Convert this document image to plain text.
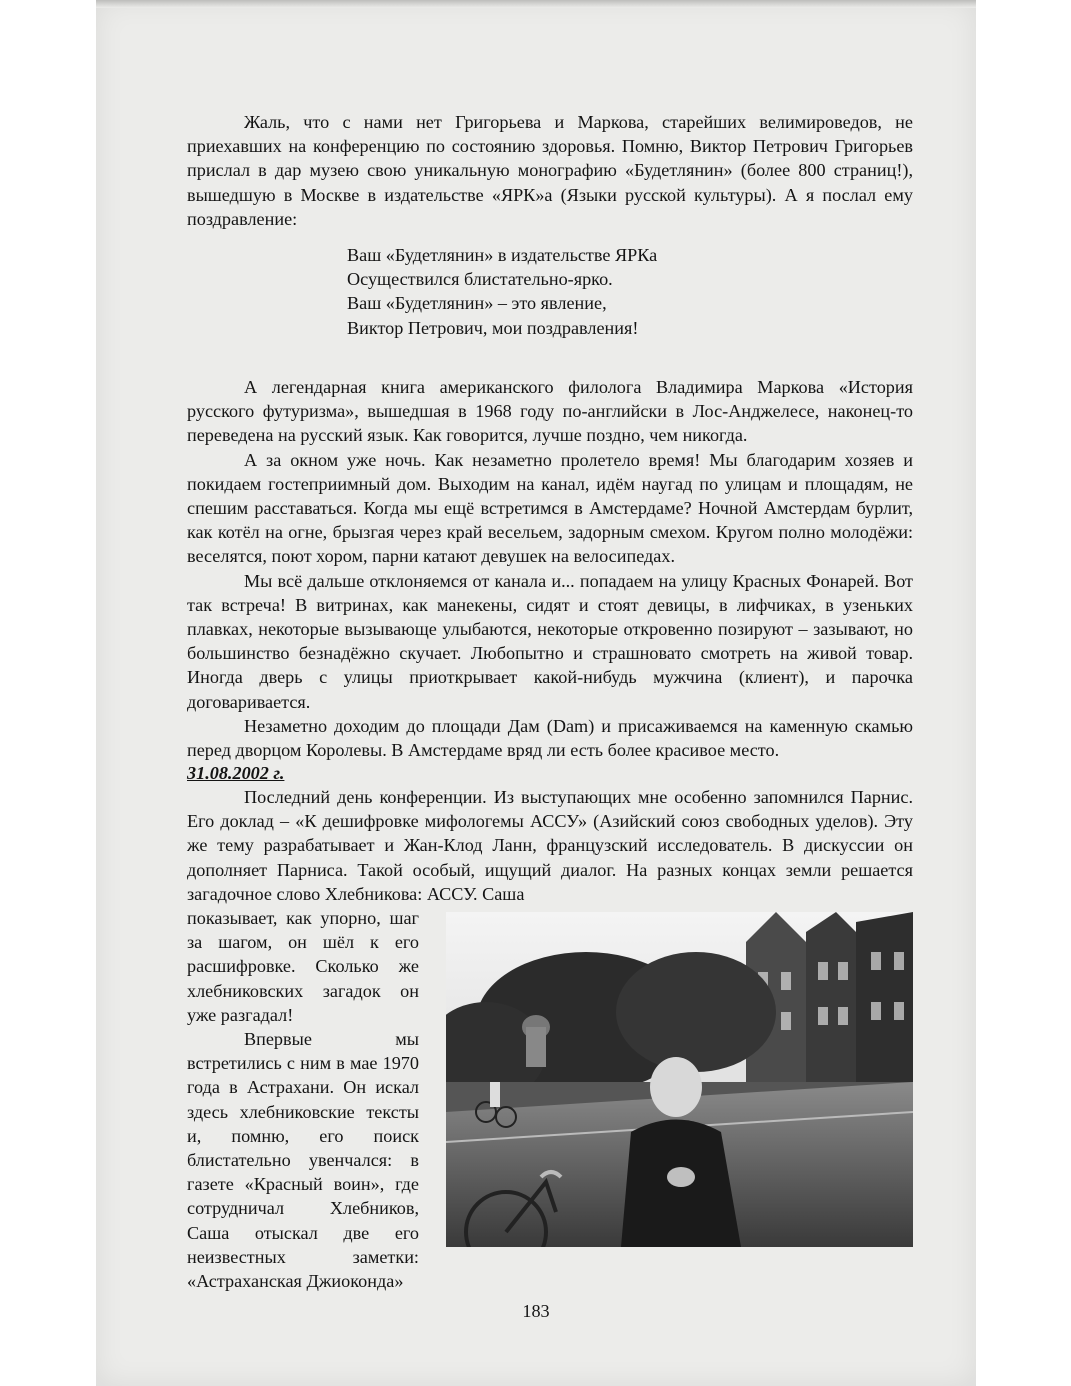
Жаль, что с нами нет Григорьева и Маркова, старейших велимироведов, не приехавших на конференцию по состоянию здоровья. Помню, Виктор Петрович Григорьев прислал в дар музею свою уникальную монографию «Будетлянин» (более 800 страниц!), вышедшую в Москве в издательстве «ЯРК»а (Языки русской культуры). А я послал ему поздравление:

Ваш «Будетлянин» в издательстве ЯРКа
Осуществился блистательно-ярко.
Ваш «Будетлянин» – это явление,
Виктор Петрович, мои поздравления!

А легендарная книга американского филолога Владимира Маркова «История русского футуризма», вышедшая в 1968 году по-английски в Лос-Анджелесе, наконец-то переведена на русский язык. Как говорится, лучше поздно, чем никогда.

А за окном уже ночь. Как незаметно пролетело время! Мы благодарим хозяев и покидаем гостеприимный дом. Выходим на канал, идём наугад по улицам и площадям, не спешим расставаться. Когда мы ещё встретимся в Амстердаме? Ночной Амстердам бурлит, как котёл на огне, брызгая через край весельем, задорным смехом. Кругом полно молодёжи: веселятся, поют хором, парни катают девушек на велосипедах.

Мы всё дальше отклоняемся от канала и... попадаем на улицу Красных Фонарей. Вот так встреча! В витринах, как манекены, сидят и стоят девицы, в лифчиках, в узеньких плавках, некоторые вызывающе улыбаются, некоторые откровенно позируют – зазывают, но большинство безнадёжно скучает. Любопытно и страшновато смотреть на живой товар. Иногда дверь с улицы приоткрывает какой-нибудь мужчина (клиент), и парочка договаривается.

Незаметно доходим до площади Дам (Dam) и присаживаемся на каменную скамью перед дворцом Королевы. В Амстердаме вряд ли есть более красивое место.

31.08.2002 г.

Последний день конференции. Из выступающих мне особенно запомнился Парнис. Его доклад – «К дешифровке мифологемы АССУ» (Азийский союз свободных уделов). Эту же тему разрабатывает и Жан-Клод Ланн, французский исследователь. В дискуссии он дополняет Парниса. Такой особый, ищущий диалог. На разных концах земли решается загадочное слово Хлебникова: АССУ. Саша

показывает, как упорно, шаг за шагом, он шёл к его расшифровке. Сколько же хлебниковских загадок он уже разгадал!

Впервые мы встретились с ним в мае 1970 года в Астрахани. Он искал здесь хлебниковские тексты и, помню, его поиск блистательно увенчался: в газете «Красный воин», где сотрудничал Хлебников, Саша отыскал две его неизвестных заметки: «Астраханская Джиоконда»

183
